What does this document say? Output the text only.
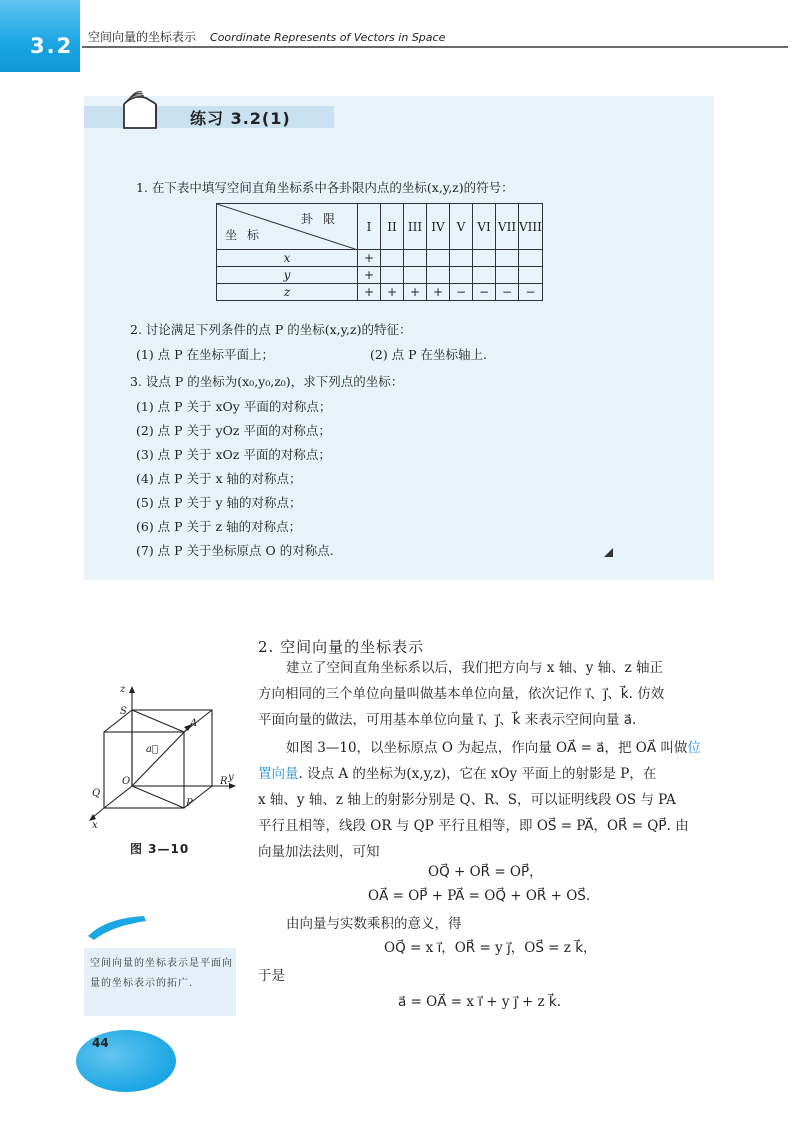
3.2 空间向量的坐标表示 Coordinate Represents of Vectors in Space
练习 3.2(1)
1. 在下表中填写空间直角坐标系中各卦限内点的坐标(x,y,z)的符号：
卦限
坐标	I	II	III	IV	V	VI	VII	VIII
x	+							
y	+							
z	+	+	+	+	−	−	−	−
2. 讨论满足下列条件的点 P 的坐标(x,y,z)的特征：
(1) 点 P 在坐标平面上；	(2) 点 P 在坐标轴上.
3. 设点 P 的坐标为(x₀,y₀,z₀)，求下列点的坐标：
(1) 点 P 关于 xOy 平面的对称点；
(2) 点 P 关于 yOz 平面的对称点；
(3) 点 P 关于 xOz 平面的对称点；
(4) 点 P 关于 x 轴的对称点；
(5) 点 P 关于 y 轴的对称点；
(6) 点 P 关于 z 轴的对称点；
(7) 点 P 关于坐标原点 O 的对称点.
2. 空间向量的坐标表示
建立了空间直角坐标系以后，我们把方向与 x 轴、y 轴、z 轴正
方向相同的三个单位向量叫做基本单位向量，依次记作 i⃗、j⃗、k⃗. 仿效
平面向量的做法，可用基本单位向量 i⃗、j⃗、k⃗ 来表示空间向量 a⃗.
如图 3—10，以坐标原点 O 为起点，作向量 OA⃗ = a⃗，把 OA⃗ 叫做位
置向量. 设点 A 的坐标为(x,y,z)，它在 xOy 平面上的射影是 P，在
x 轴、y 轴、z 轴上的射影分别是 Q、R、S，可以证明线段 OS 与 PA
平行且相等，线段 OR 与 QP 平行且相等，即 OS⃗ = PA⃗，OR⃗ = QP⃗. 由
向量加法法则，可知
OQ⃗ + OR⃗ = OP⃗，
OA⃗ = OP⃗ + PA⃗ = OQ⃗ + OR⃗ + OS⃗.
由向量与实数乘积的意义，得
OQ⃗ = x i⃗，OR⃗ = y j⃗，OS⃗ = z k⃗，
于是
a⃗ = OA⃗ = x i⃗ + y j⃗ + z k⃗.
z
S
A
a⃗
O
Q
R y
P
x
图 3—10
空间向量的坐标表示是平面向量的坐标表示的拓广.
44
